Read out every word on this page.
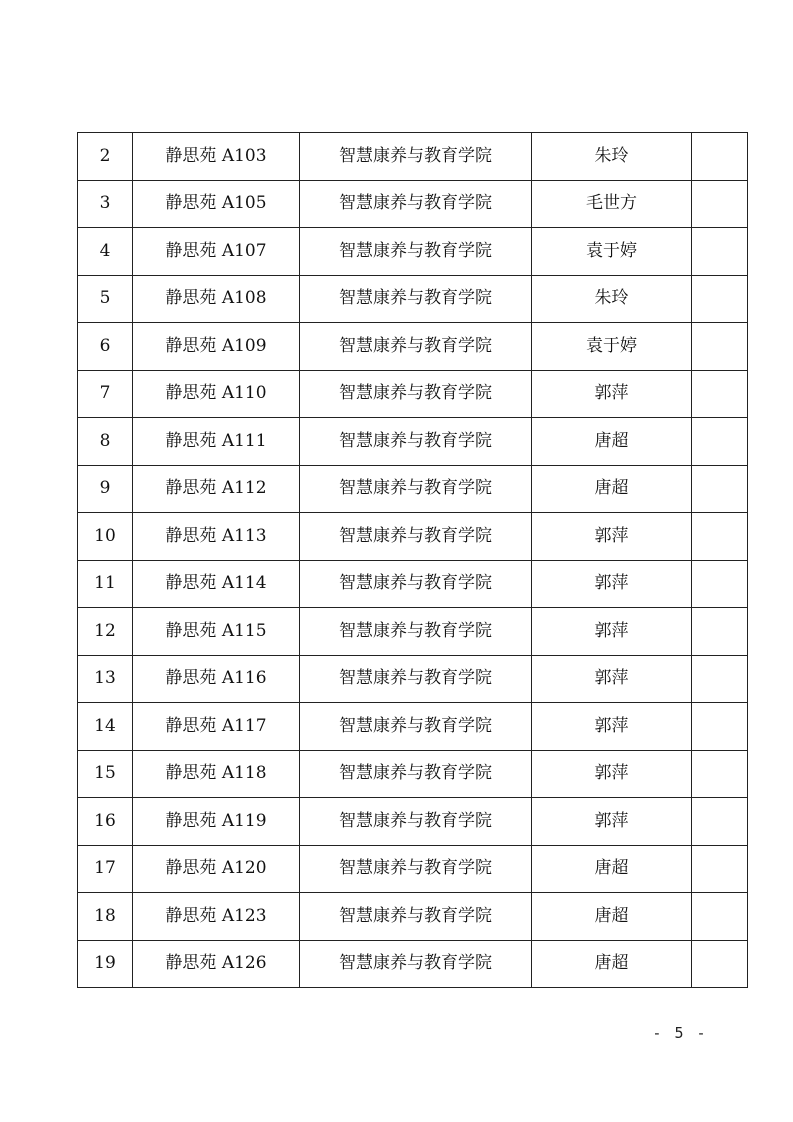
2	静思苑 A103	智慧康养与教育学院	朱玲	
3	静思苑 A105	智慧康养与教育学院	毛世方	
4	静思苑 A107	智慧康养与教育学院	袁于婷	
5	静思苑 A108	智慧康养与教育学院	朱玲	
6	静思苑 A109	智慧康养与教育学院	袁于婷	
7	静思苑 A110	智慧康养与教育学院	郭萍	
8	静思苑 A111	智慧康养与教育学院	唐超	
9	静思苑 A112	智慧康养与教育学院	唐超	
10	静思苑 A113	智慧康养与教育学院	郭萍	
11	静思苑 A114	智慧康养与教育学院	郭萍	
12	静思苑 A115	智慧康养与教育学院	郭萍	
13	静思苑 A116	智慧康养与教育学院	郭萍	
14	静思苑 A117	智慧康养与教育学院	郭萍	
15	静思苑 A118	智慧康养与教育学院	郭萍	
16	静思苑 A119	智慧康养与教育学院	郭萍	
17	静思苑 A120	智慧康养与教育学院	唐超	
18	静思苑 A123	智慧康养与教育学院	唐超	
19	静思苑 A126	智慧康养与教育学院	唐超	
- 5 -
